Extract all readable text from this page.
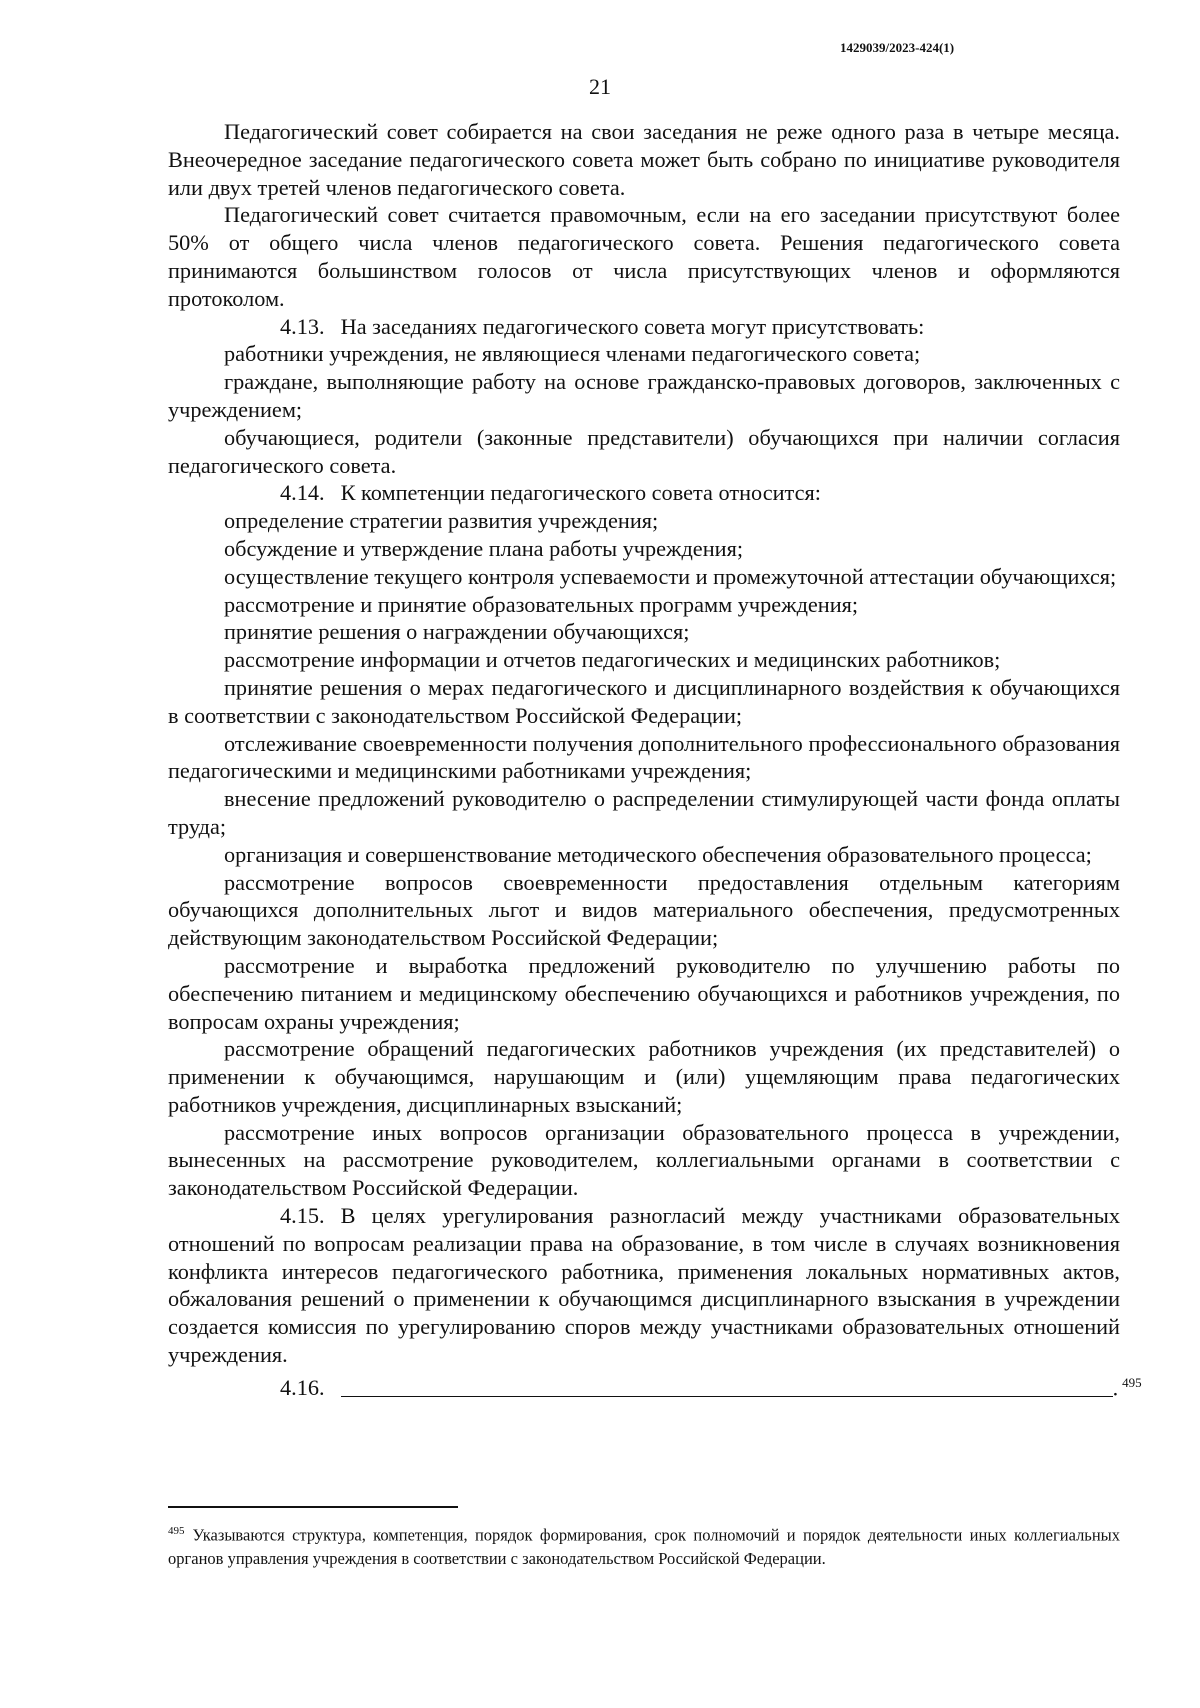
1429039/2023-424(1)
21

Педагогический совет собирается на свои заседания не реже одного раза в четыре месяца. Внеочередное заседание педагогического совета может быть собрано по инициативе руководителя или двух третей членов педагогического совета.

Педагогический совет считается правомочным, если на его заседании присутствуют более 50% от общего числа членов педагогического совета. Решения педагогического совета принимаются большинством голосов от числа присутствующих членов и оформляются протоколом.

4.13. На заседаниях педагогического совета могут присутствовать:

работники учреждения, не являющиеся членами педагогического совета;

граждане, выполняющие работу на основе гражданско-правовых договоров, заключенных с учреждением;

обучающиеся, родители (законные представители) обучающихся при наличии согласия педагогического совета.

4.14. К компетенции педагогического совета относится:

определение стратегии развития учреждения;

обсуждение и утверждение плана работы учреждения;

осуществление текущего контроля успеваемости и промежуточной аттестации обучающихся;

рассмотрение и принятие образовательных программ учреждения;

принятие решения о награждении обучающихся;

рассмотрение информации и отчетов педагогических и медицинских работников;

принятие решения о мерах педагогического и дисциплинарного воздействия к обучающихся в соответствии с законодательством Российской Федерации;

отслеживание своевременности получения дополнительного профессионального образования педагогическими и медицинскими работниками учреждения;

внесение предложений руководителю о распределении стимулирующей части фонда оплаты труда;

организация и совершенствование методического обеспечения образовательного процесса;

рассмотрение вопросов своевременности предоставления отдельным категориям обучающихся дополнительных льгот и видов материального обеспечения, предусмотренных действующим законодательством Российской Федерации;

рассмотрение и выработка предложений руководителю по улучшению работы по обеспечению питанием и медицинскому обеспечению обучающихся и работников учреждения, по вопросам охраны учреждения;

рассмотрение обращений педагогических работников учреждения (их представителей) о применении к обучающимся, нарушающим и (или) ущемляющим права педагогических работников учреждения, дисциплинарных взысканий;

рассмотрение иных вопросов организации образовательного процесса в учреждении, вынесенных на рассмотрение руководителем, коллегиальными органами в соответствии с законодательством Российской Федерации.

4.15. В целях урегулирования разногласий между участниками образовательных отношений по вопросам реализации права на образование, в том числе в случаях возникновения конфликта интересов педагогического работника, применения локальных нормативных актов, обжалования решений о применении к обучающимся дисциплинарного взыскания в учреждении создается комиссия по урегулированию споров между участниками образовательных отношений учреждения.

4.16.	. $^{495}$

$^{495}$ Указываются структура, компетенция, порядок формирования, срок полномочий и порядок деятельности иных коллегиальных органов управления учреждения в соответствии с законодательством Российской Федерации.
